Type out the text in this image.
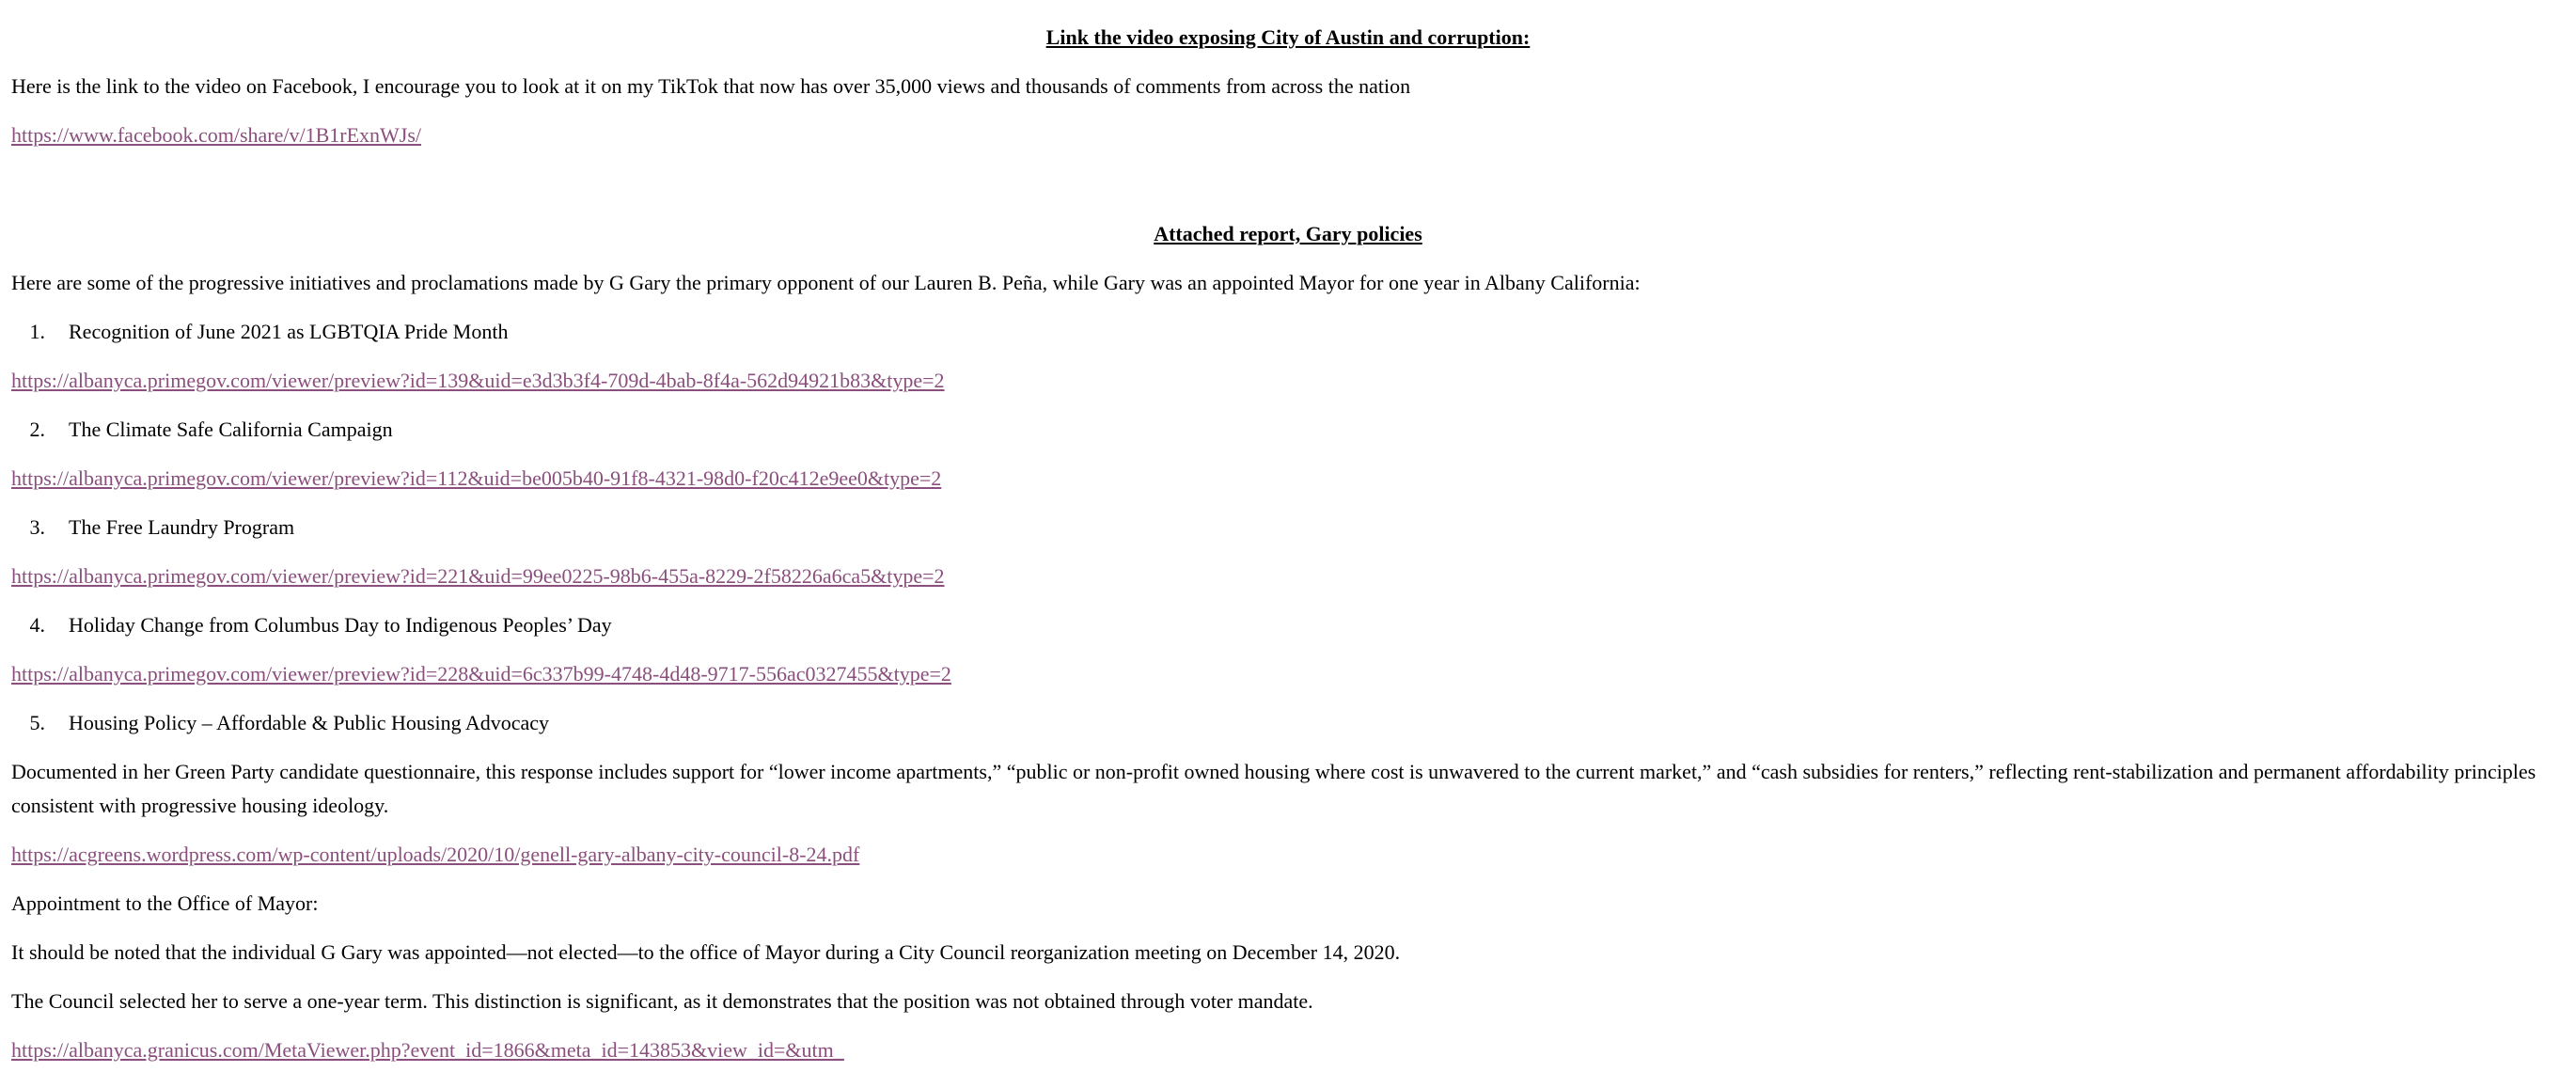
Link the video exposing City of Austin and corruption:
Here is the link to the video on Facebook, I encourage you to look at it on my TikTok that now has over 35,000 views and thousands of comments from across the nation
https://www.facebook.com/share/v/1B1rExnWJs/
Attached report, Gary policies
Here are some of the progressive initiatives and proclamations made by G Gary the primary opponent of our Lauren B. Peña, while Gary was an appointed Mayor for one year in Albany California:
1. Recognition of June 2021 as LGBTQIA Pride Month
https://albanyca.primegov.com/viewer/preview?id=139&uid=e3d3b3f4-709d-4bab-8f4a-562d94921b83&type=2
2. The Climate Safe California Campaign
https://albanyca.primegov.com/viewer/preview?id=112&uid=be005b40-91f8-4321-98d0-f20c412e9ee0&type=2
3. The Free Laundry Program
https://albanyca.primegov.com/viewer/preview?id=221&uid=99ee0225-98b6-455a-8229-2f58226a6ca5&type=2
4. Holiday Change from Columbus Day to Indigenous Peoples’ Day
https://albanyca.primegov.com/viewer/preview?id=228&uid=6c337b99-4748-4d48-9717-556ac0327455&type=2
5. Housing Policy – Affordable & Public Housing Advocacy
Documented in her Green Party candidate questionnaire, this response includes support for “lower income apartments,” “public or non-profit owned housing where cost is unwavered to the current market,” and “cash subsidies for renters,” reflecting rent-stabilization and permanent affordability principles consistent with progressive housing ideology.
https://acgreens.wordpress.com/wp-content/uploads/2020/10/genell-gary-albany-city-council-8-24.pdf
Appointment to the Office of Mayor:
It should be noted that the individual G Gary was appointed—not elected—to the office of Mayor during a City Council reorganization meeting on December 14, 2020.
The Council selected her to serve a one-year term. This distinction is significant, as it demonstrates that the position was not obtained through voter mandate.
https://albanyca.granicus.com/MetaViewer.php?event_id=1866&meta_id=143853&view_id=&utm_
